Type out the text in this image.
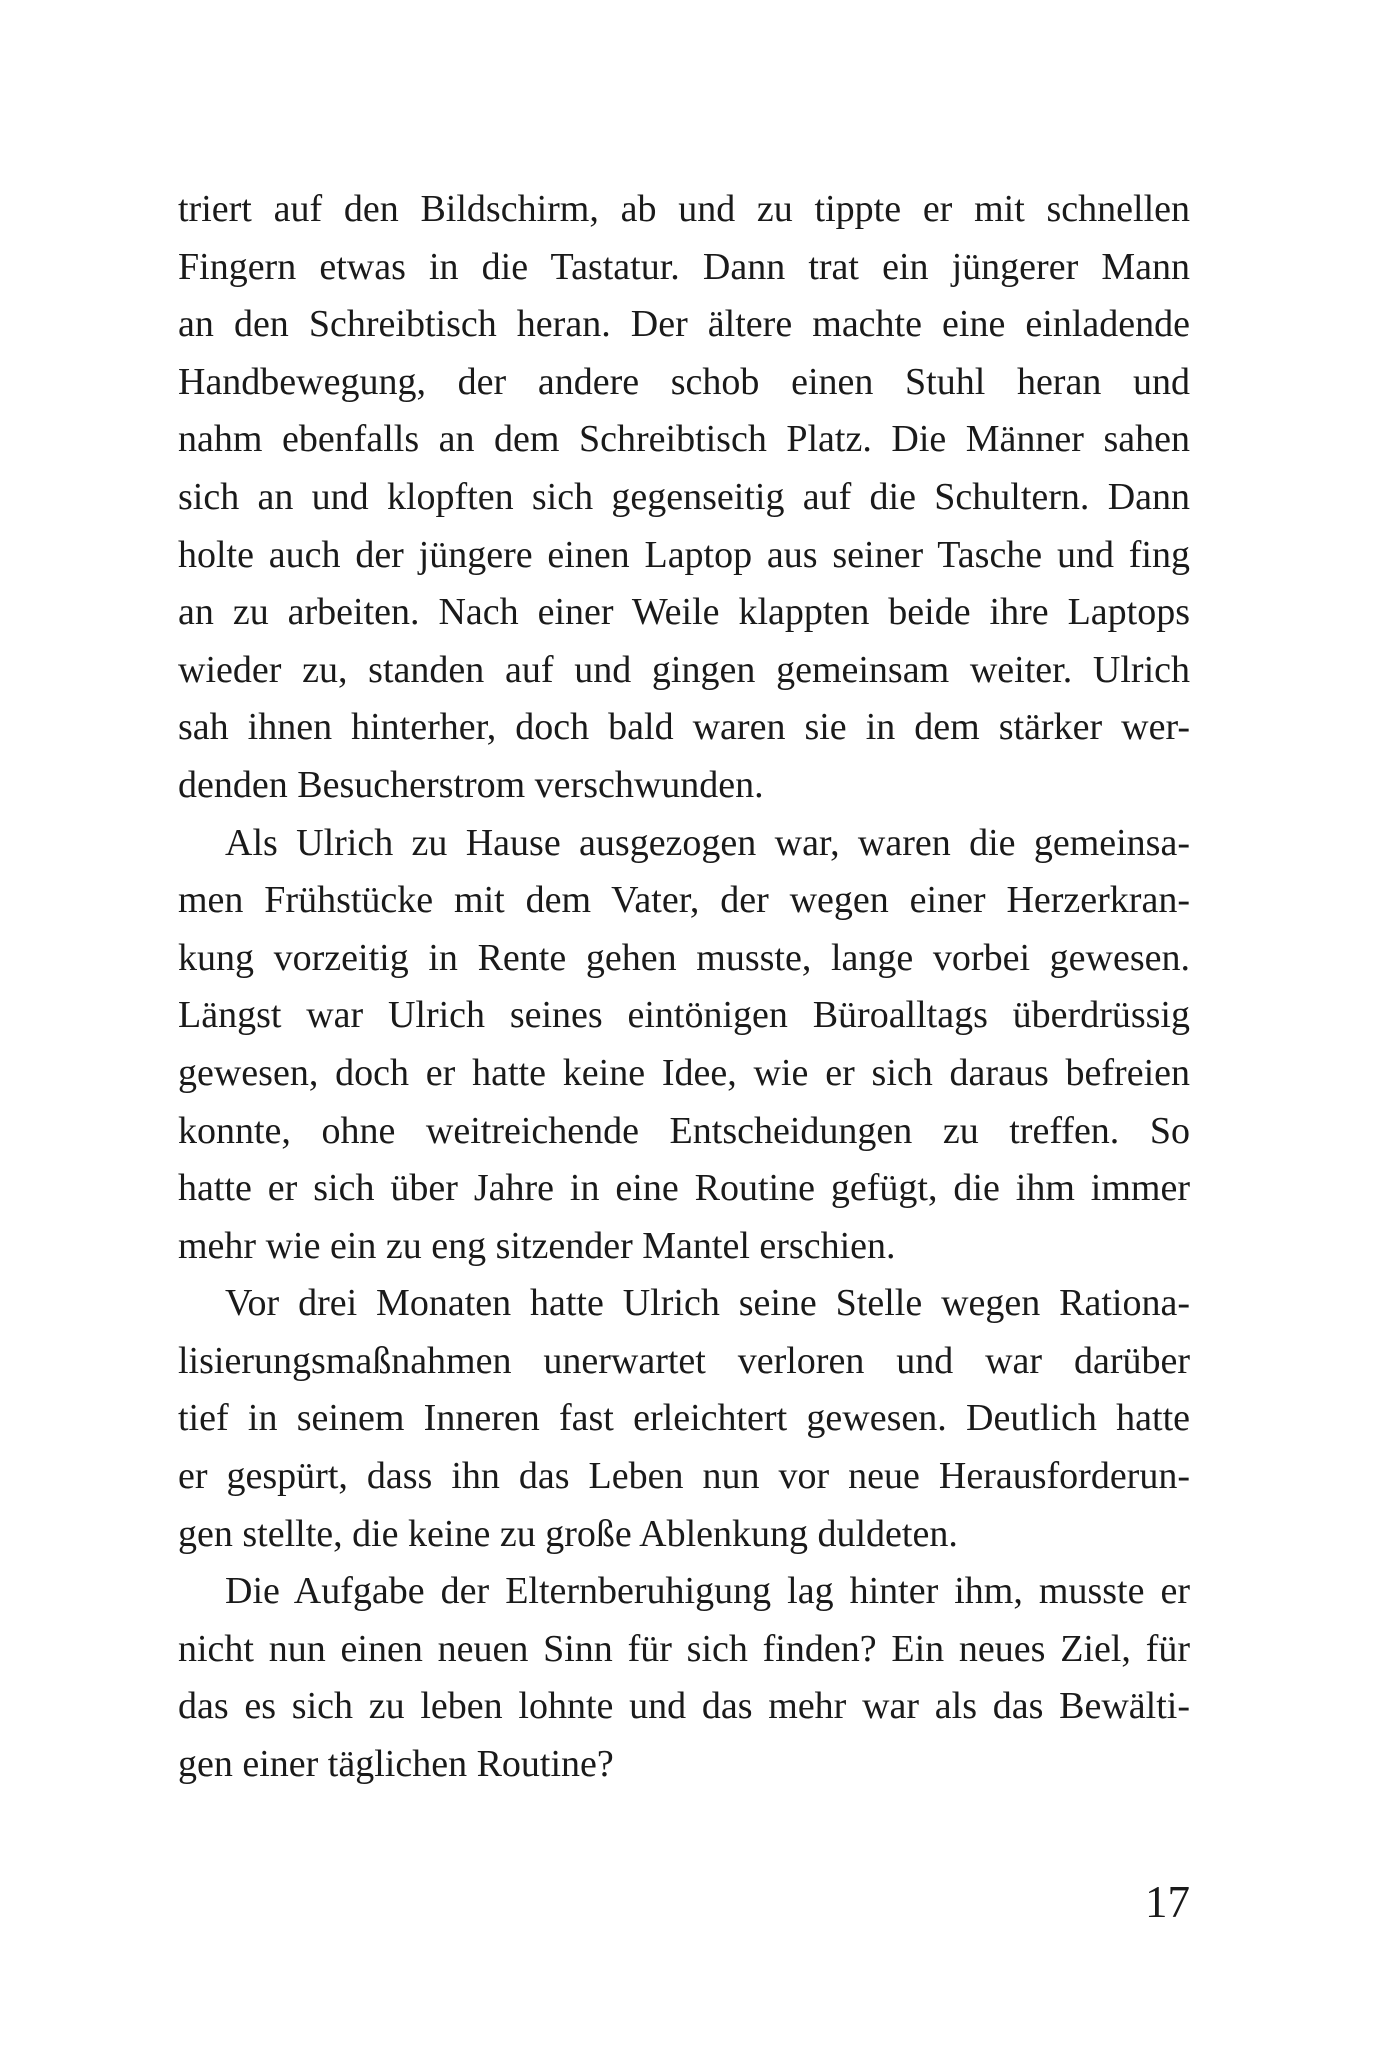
triert auf den Bildschirm, ab und zu tippte er mit schnellen
Fingern etwas in die Tastatur. Dann trat ein jüngerer Mann
an den Schreibtisch heran. Der ältere machte eine einladende
Handbewegung, der andere schob einen Stuhl heran und
nahm ebenfalls an dem Schreibtisch Platz. Die Männer sahen
sich an und klopften sich gegenseitig auf die Schultern. Dann
holte auch der jüngere einen Laptop aus seiner Tasche und fing
an zu arbeiten. Nach einer Weile klappten beide ihre Laptops
wieder zu, standen auf und gingen gemeinsam weiter. Ulrich
sah ihnen hinterher, doch bald waren sie in dem stärker wer-
denden Besucherstrom verschwunden.
Als Ulrich zu Hause ausgezogen war, waren die gemeinsa-
men Frühstücke mit dem Vater, der wegen einer Herzerkran-
kung vorzeitig in Rente gehen musste, lange vorbei gewesen.
Längst war Ulrich seines eintönigen Büroalltags überdrüssig
gewesen, doch er hatte keine Idee, wie er sich daraus befreien
konnte, ohne weitreichende Entscheidungen zu treffen. So
hatte er sich über Jahre in eine Routine gefügt, die ihm immer
mehr wie ein zu eng sitzender Mantel erschien.
Vor drei Monaten hatte Ulrich seine Stelle wegen Rationa-
lisierungsmaßnahmen unerwartet verloren und war darüber
tief in seinem Inneren fast erleichtert gewesen. Deutlich hatte
er gespürt, dass ihn das Leben nun vor neue Herausforderun-
gen stellte, die keine zu große Ablenkung duldeten.
Die Aufgabe der Elternberuhigung lag hinter ihm, musste er
nicht nun einen neuen Sinn für sich finden? Ein neues Ziel, für
das es sich zu leben lohnte und das mehr war als das Bewälti-
gen einer täglichen Routine?
17
